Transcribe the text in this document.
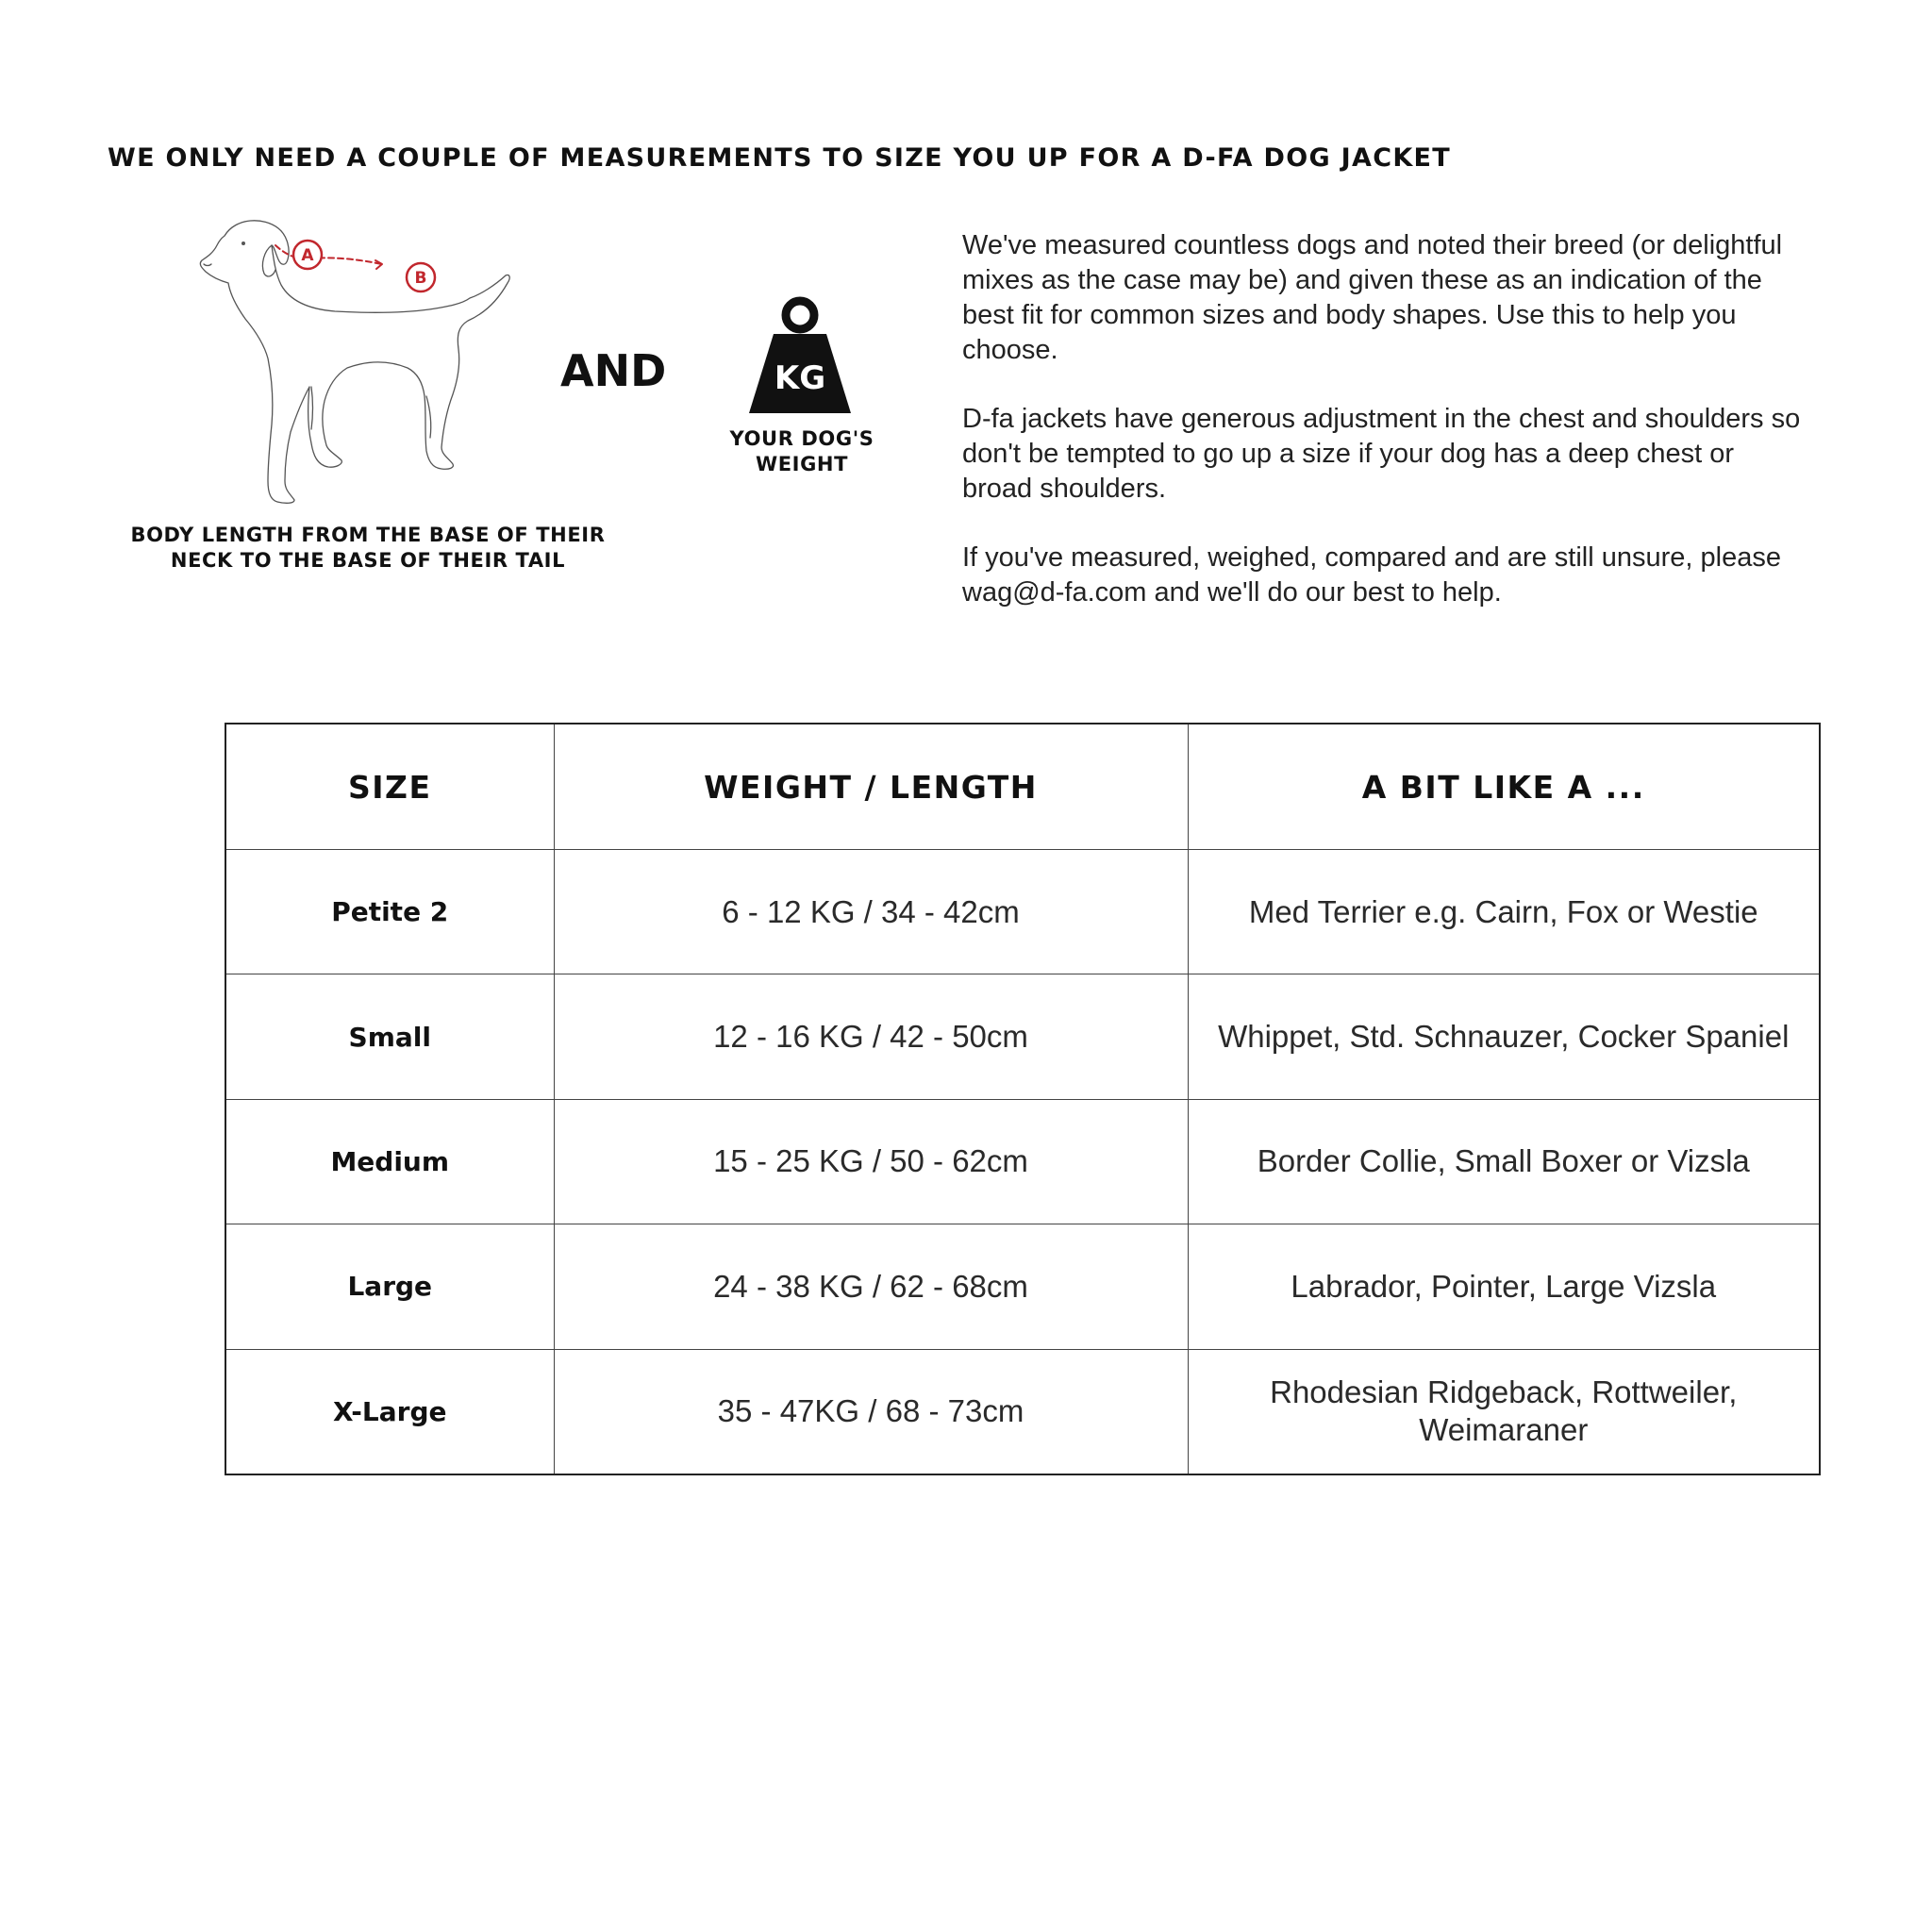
WE ONLY NEED A COUPLE OF MEASUREMENTS TO SIZE YOU UP FOR A D-FA DOG JACKET
A
B
BODY LENGTH FROM THE BASE OF THEIR
NECK TO THE BASE OF THEIR TAIL
AND	KG
YOUR DOG'S
WEIGHT

We've measured countless dogs and noted their breed (or delightful mixes as the case may be) and given these as an indication of the best fit for common sizes and body shapes. Use this to help you choose.

D-fa jackets have generous adjustment in the chest and shoulders so don't be tempted to go up a size if your dog has a deep chest or broad shoulders.

If you've measured, weighed, compared and are still unsure, please wag@d-fa.com and we'll do our best to help.

SIZE	WEIGHT / LENGTH	A BIT LIKE A ...
Petite 2	6 - 12 KG / 34 - 42cm	Med Terrier e.g. Cairn, Fox or Westie
Small	12 - 16 KG / 42 - 50cm	Whippet, Std. Schnauzer, Cocker Spaniel
Medium	15 - 25 KG / 50 - 62cm	Border Collie, Small Boxer or Vizsla
Large	24 - 38 KG / 62 - 68cm	Labrador, Pointer, Large Vizsla
X-Large	35 - 47KG / 68 - 73cm	Rhodesian Ridgeback, Rottweiler, Weimaraner
